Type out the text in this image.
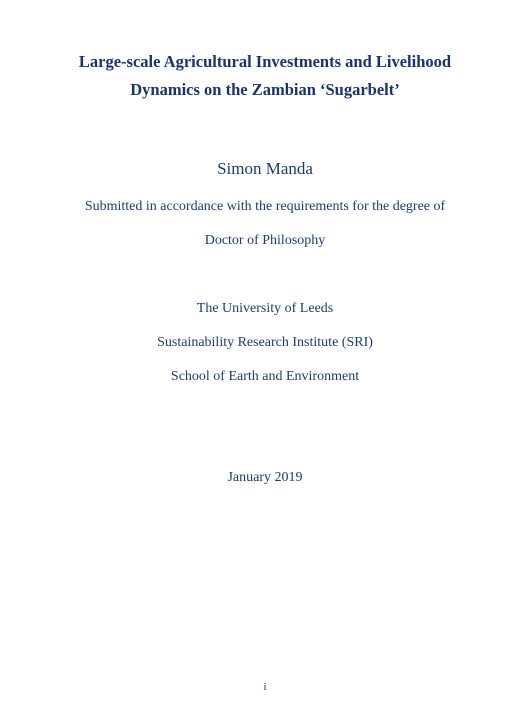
Large-scale Agricultural Investments and Livelihood
Dynamics on the Zambian ‘Sugarbelt’
Simon Manda
Submitted in accordance with the requirements for the degree of
Doctor of Philosophy
The University of Leeds
Sustainability Research Institute (SRI)
School of Earth and Environment
January 2019
i
